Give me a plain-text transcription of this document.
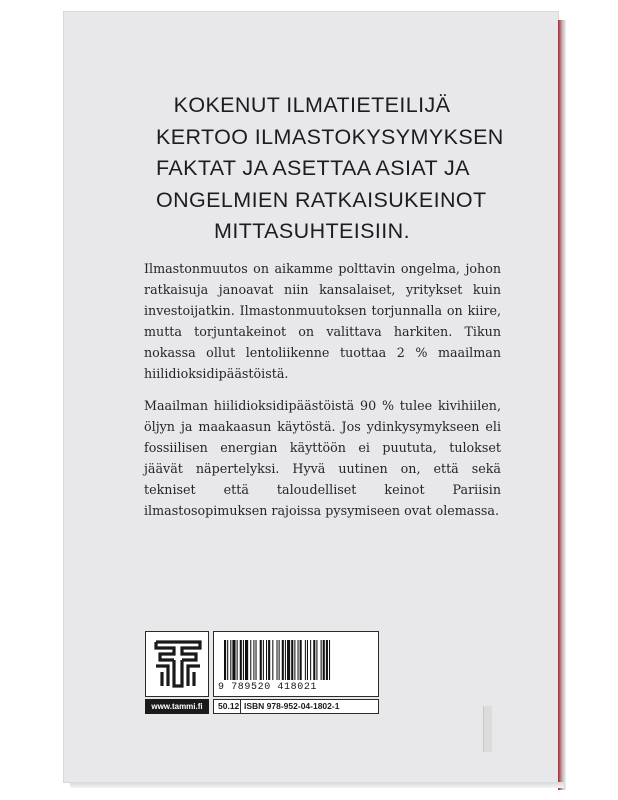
KOKENUT ILMATIETEILIJÄ
KERTOO ILMASTOKYSYMYKSEN
FAKTAT JA ASETTAA ASIAT JA
ONGELMIEN RATKAISUKEINOT
MITTASUHTEISIIN.

Ilmastonmuutos on aikamme polttavin ongelma, johon ratkaisuja janoavat niin kansalaiset, yritykset kuin investoijatkin. Ilmastonmuutoksen torjunnalla on kiire, mutta torjuntakeinot on valittava harkiten. Tikun nokassa ollut lentoliikenne tuottaa 2 % maailman hiilidioksidipäästöistä.

Maailman hiilidioksidipäästöistä 90 % tulee kivihiilen, öljyn ja maakaasun käytöstä. Jos ydinkysymykseen eli fossiilisen energian käyttöön ei puututa, tulokset jäävät näpertelyksi. Hyvä uutinen on, että sekä tekniset että taloudelliset keinot Pariisin ilmastosopimuksen rajoissa pysymiseen ovat olemassa.

www.tammi.fi
9 789520 418021
50.12 ISBN 978-952-04-1802-1
